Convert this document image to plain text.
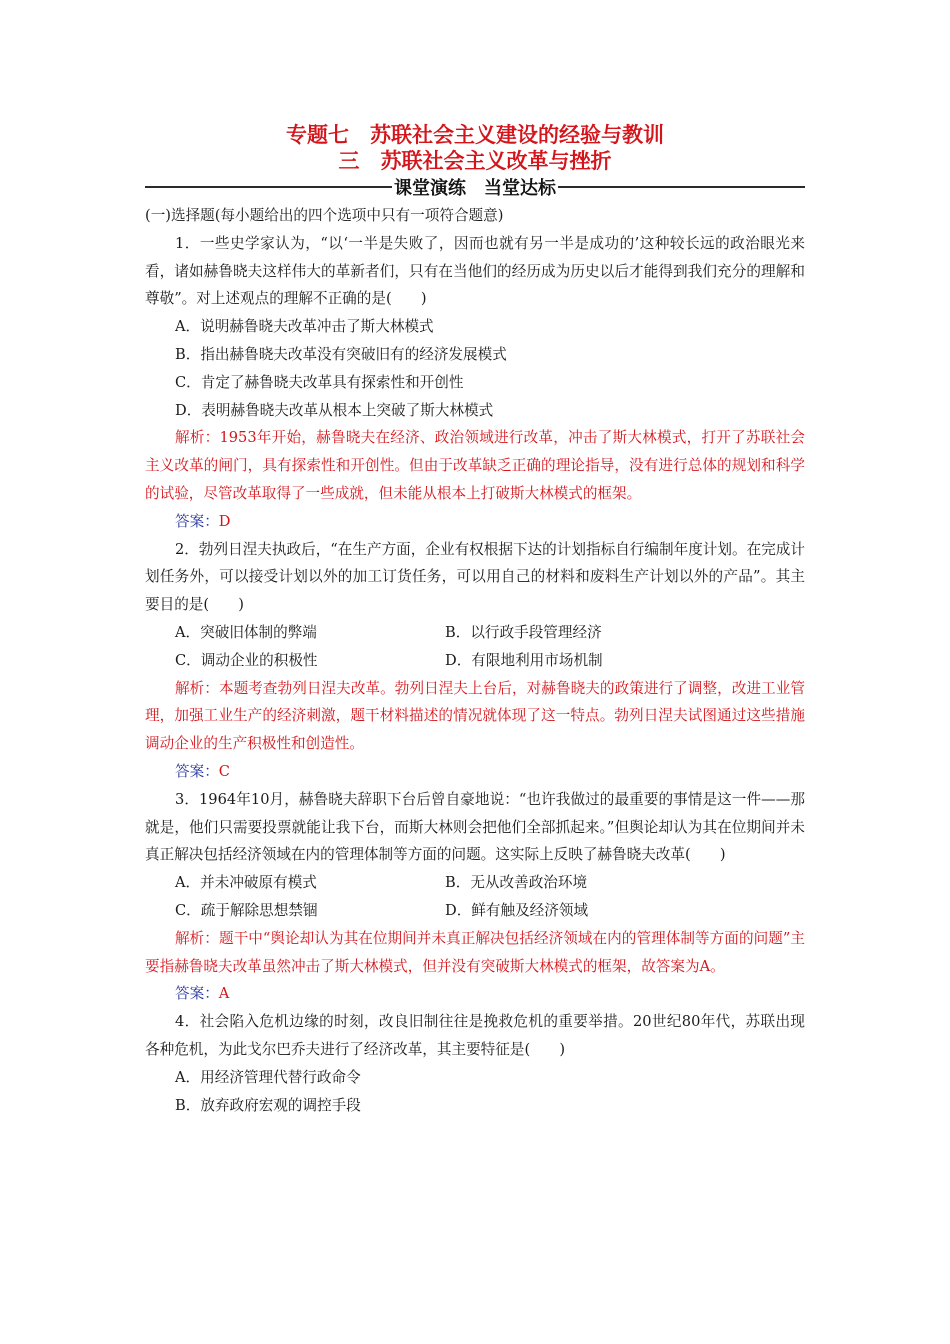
专题七　苏联社会主义建设的经验与教训
三　苏联社会主义改革与挫折
课堂演练　当堂达标

(一)选择题(每小题给出的四个选项中只有一项符合题意)

1．一些史学家认为，“以‘一半是失败了，因而也就有另一半是成功的’这种较长远的政治眼光来看，诸如赫鲁晓夫这样伟大的革新者们，只有在当他们的经历成为历史以后才能得到我们充分的理解和尊敬”。对上述观点的理解不正确的是(　　)

A．说明赫鲁晓夫改革冲击了斯大林模式

B．指出赫鲁晓夫改革没有突破旧有的经济发展模式

C．肯定了赫鲁晓夫改革具有探索性和开创性

D．表明赫鲁晓夫改革从根本上突破了斯大林模式

解析：1953年开始，赫鲁晓夫在经济、政治领域进行改革，冲击了斯大林模式，打开了苏联社会主义改革的闸门，具有探索性和开创性。但由于改革缺乏正确的理论指导，没有进行总体的规划和科学的试验，尽管改革取得了一些成就，但未能从根本上打破斯大林模式的框架。

答案：D

2．勃列日涅夫执政后，“在生产方面，企业有权根据下达的计划指标自行编制年度计划。在完成计划任务外，可以接受计划以外的加工订货任务，可以用自己的材料和废料生产计划以外的产品”。其主要目的是(　　)

A．突破旧体制的弊端	B．以行政手段管理经济
C．调动企业的积极性	D．有限地利用市场机制

解析：本题考查勃列日涅夫改革。勃列日涅夫上台后，对赫鲁晓夫的政策进行了调整，改进工业管理，加强工业生产的经济刺激，题干材料描述的情况就体现了这一特点。勃列日涅夫试图通过这些措施调动企业的生产积极性和创造性。

答案：C

3．1964年10月，赫鲁晓夫辞职下台后曾自豪地说：“也许我做过的最重要的事情是这一件——那就是，他们只需要投票就能让我下台，而斯大林则会把他们全部抓起来。”但舆论却认为其在位期间并未真正解决包括经济领域在内的管理体制等方面的问题。这实际上反映了赫鲁晓夫改革(　　)

A．并未冲破原有模式	B．无从改善政治环境
C．疏于解除思想禁锢	D．鲜有触及经济领域

解析：题干中“舆论却认为其在位期间并未真正解决包括经济领域在内的管理体制等方面的问题”主要指赫鲁晓夫改革虽然冲击了斯大林模式，但并没有突破斯大林模式的框架，故答案为A。

答案：A

4．社会陷入危机边缘的时刻，改良旧制往往是挽救危机的重要举措。20世纪80年代，苏联出现各种危机，为此戈尔巴乔夫进行了经济改革，其主要特征是(　　)

A．用经济管理代替行政命令

B．放弃政府宏观的调控手段
